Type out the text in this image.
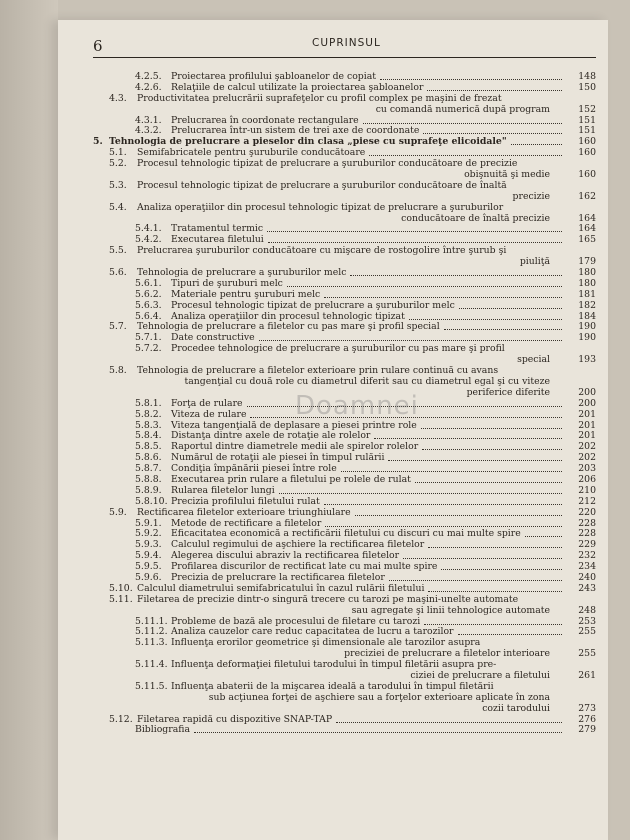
6	CUPRINSUL
4.2.5. Proiectarea profilului şabloanelor de copiat	148
4.2.6. Relaţiile de calcul utilizate la proiectarea şabloanelor	150
4.3. Productivitatea prelucrării suprafeţelor cu profil complex pe maşini de frezat
cu comandă numerică după program	152
4.3.1. Prelucrarea în coordonate rectangulare	151
4.3.2. Prelucrarea într-un sistem de trei axe de coordonate	151
5. Tehnologia de prelucrare a pieselor din clasa „piese cu suprafeţe elicoidale"	160
5.1. Semifabricatele pentru şuruburile conducătoare	160
5.2. Procesul tehnologic tipizat de prelucrare a şuruburilor conducătoare de precizie
obişnuită şi medie	160
5.3. Procesul tehnologic tipizat de prelucrare a şuruburilor conducătoare de înaltă
precizie	162
5.4. Analiza operaţiilor din procesul tehnologic tipizat de prelucrare a şuruburilor
conducătoare de înaltă precizie	164
5.4.1. Tratamentul termic	164
5.4.2. Executarea filetului	165
5.5. Prelucrarea şuruburilor conducătoare cu mişcare de rostogolire între şurub şi
piuliţă	179
5.6. Tehnologia de prelucrare a şuruburilor melc	180
5.6.1. Tipuri de şuruburi melc	180
5.6.2. Materiale pentru şuruburi melc	181
5.6.3. Procesul tehnologic tipizat de prelucrare a şuruburilor melc	182
5.6.4. Analiza operaţiilor din procesul tehnologic tipizat	184
5.7. Tehnologia de prelucrare a filetelor cu pas mare şi profil special	190
5.7.1. Date constructive	190
5.7.2. Procedee tehnologice de prelucrare a şuruburilor cu pas mare şi profil
special	193
5.8. Tehnologia de prelucrare a filetelor exterioare prin rulare continuă cu avans
tangenţial cu două role cu diametrul diferit sau cu diametrul egal şi cu viteze
periferice diferite	200
5.8.1. Forţa de rulare	200
5.8.2. Viteza de rulare	201
5.8.3. Viteza tangenţială de deplasare a piesei printre role	201
5.8.4. Distanţa dintre axele de rotaţie ale rolelor	201
5.8.5. Raportul dintre diametrele medii ale spirelor rolelor	202
5.8.6. Numărul de rotaţii ale piesei în timpul rulării	202
5.8.7. Condiţia împănării piesei între role	203
5.8.8. Executarea prin rulare a filetului pe rolele de rulat	206
5.8.9. Rularea filetelor lungi	210
5.8.10. Precizia profilului filetului rulat	212
5.9. Rectificarea filetelor exterioare triunghiulare	220
5.9.1. Metode de rectificare a filetelor	228
5.9.2. Eficacitatea economică a rectificării filetului cu discuri cu mai multe spire	228
5.9.3. Calculul regimului de aşchiere la rectificarea filetelor	229
5.9.4. Alegerea discului abraziv la rectificarea filetelor	232
5.9.5. Profilarea discurilor de rectificat late cu mai multe spire	234
5.9.6. Precizia de prelucrare la rectificarea filetelor	240
5.10. Calculul diametrului semifabricatului în cazul rulării filetului	243
5.11. Filetarea de precizie dintr-o singură trecere cu tarozi pe maşini-unelte automate
sau agregate şi linii tehnologice automate	248
5.11.1. Probleme de bază ale procesului de filetare cu tarozi	253
5.11.2. Analiza cauzelor care reduc capacitatea de lucru a tarozilor	255
5.11.3. Influenţa erorilor geometrice şi dimensionale ale tarozilor asupra
preciziei de prelucrare a filetelor interioare	255
5.11.4. Influenţa deformaţiei filetului tarodului în timpul filetării asupra pre-
ciziei de prelucrare a filetului	261
5.11.5. Influenţa abaterii de la mişcarea ideală a tarodului în timpul filetării
sub acţiunea forţei de aşchiere sau a forţelor exterioare aplicate în zona
cozii tarodului	273
5.12. Filetarea rapidă cu dispozitive SNAP-TAP	276
Bibliografia	279
Doamnei
